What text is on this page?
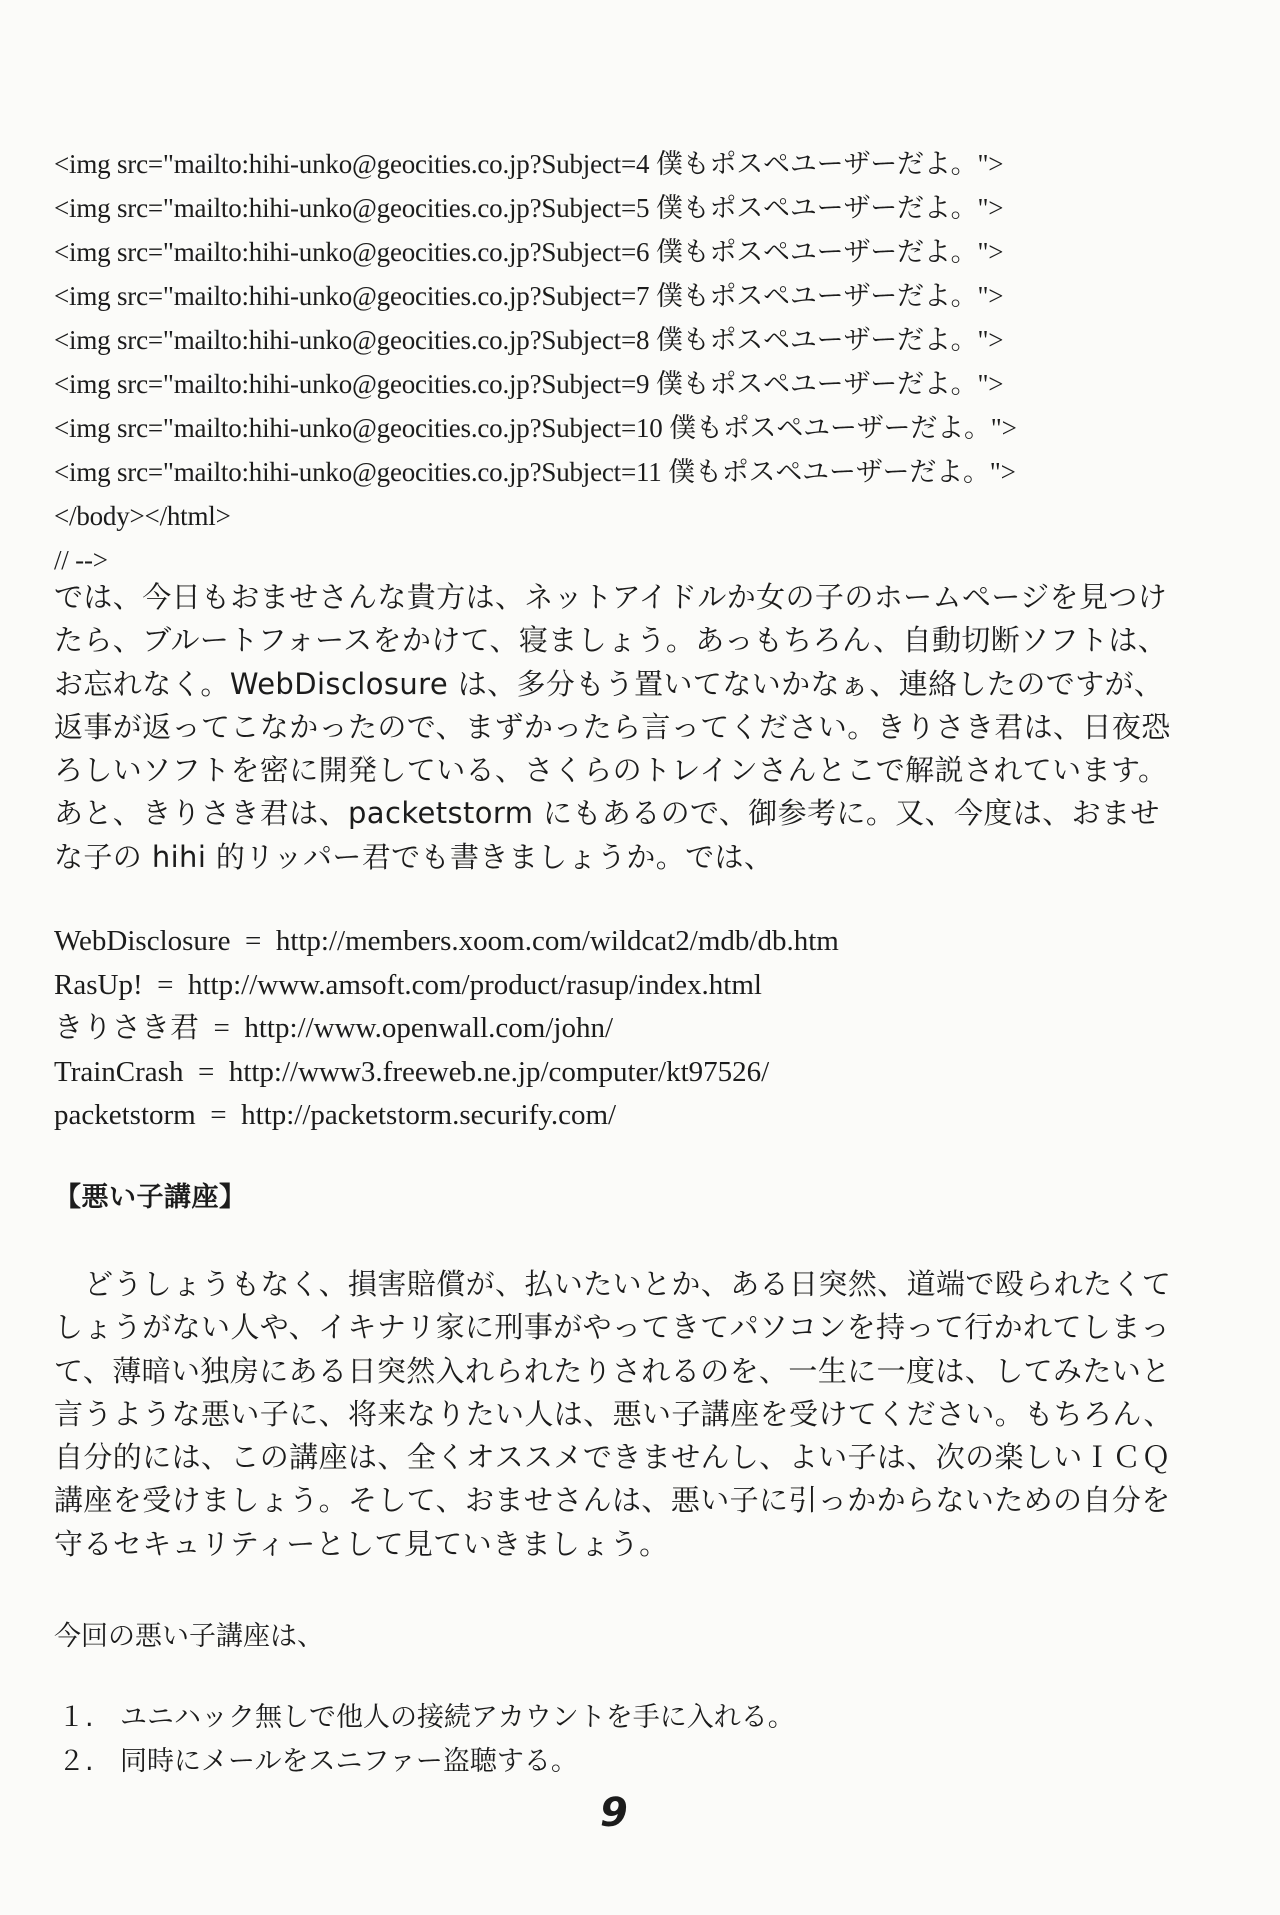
<img src="mailto:hihi-unko@geocities.co.jp?Subject=4 僕もポスペユーザーだよ。">
<img src="mailto:hihi-unko@geocities.co.jp?Subject=5 僕もポスペユーザーだよ。">
<img src="mailto:hihi-unko@geocities.co.jp?Subject=6 僕もポスペユーザーだよ。">
<img src="mailto:hihi-unko@geocities.co.jp?Subject=7 僕もポスペユーザーだよ。">
<img src="mailto:hihi-unko@geocities.co.jp?Subject=8 僕もポスペユーザーだよ。">
<img src="mailto:hihi-unko@geocities.co.jp?Subject=9 僕もポスペユーザーだよ。">
<img src="mailto:hihi-unko@geocities.co.jp?Subject=10 僕もポスペユーザーだよ。">
<img src="mailto:hihi-unko@geocities.co.jp?Subject=11 僕もポスペユーザーだよ。">
</body></html>
// -->
では、今日もおませさんな貴方は、ネットアイドルか女の子のホームページを見つけ
たら、ブルートフォースをかけて、寝ましょう。あっもちろん、自動切断ソフトは、
お忘れなく。WebDisclosure は、多分もう置いてないかなぁ、連絡したのですが、
返事が返ってこなかったので、まずかったら言ってください。きりさき君は、日夜恐
ろしいソフトを密に開発している、さくらのトレインさんとこで解説されています。
あと、きりさき君は、packetstorm にもあるので、御参考に。又、今度は、おませ
な子の hihi 的リッパー君でも書きましょうか。では、
WebDisclosure = http://members.xoom.com/wildcat2/mdb/db.htm
RasUp! = http://www.amsoft.com/product/rasup/index.html
きりさき君 = http://www.openwall.com/john/
TrainCrash = http://www3.freeweb.ne.jp/computer/kt97526/
packetstorm = http://packetstorm.securify.com/
【悪い子講座】
どうしょうもなく、損害賠償が、払いたいとか、ある日突然、道端で殴られたくて
しょうがない人や、イキナリ家に刑事がやってきてパソコンを持って行かれてしまっ
て、薄暗い独房にある日突然入れられたりされるのを、一生に一度は、してみたいと
言うような悪い子に、将来なりたい人は、悪い子講座を受けてください。もちろん、
自分的には、この講座は、全くオススメできませんし、よい子は、次の楽しいＩＣＱ
講座を受けましょう。そして、おませさんは、悪い子に引っかからないための自分を
守るセキュリティーとして見ていきましょう。
今回の悪い子講座は、
１. ユニハック無しで他人の接続アカウントを手に入れる。
２. 同時にメールをスニファー盗聴する。
9
